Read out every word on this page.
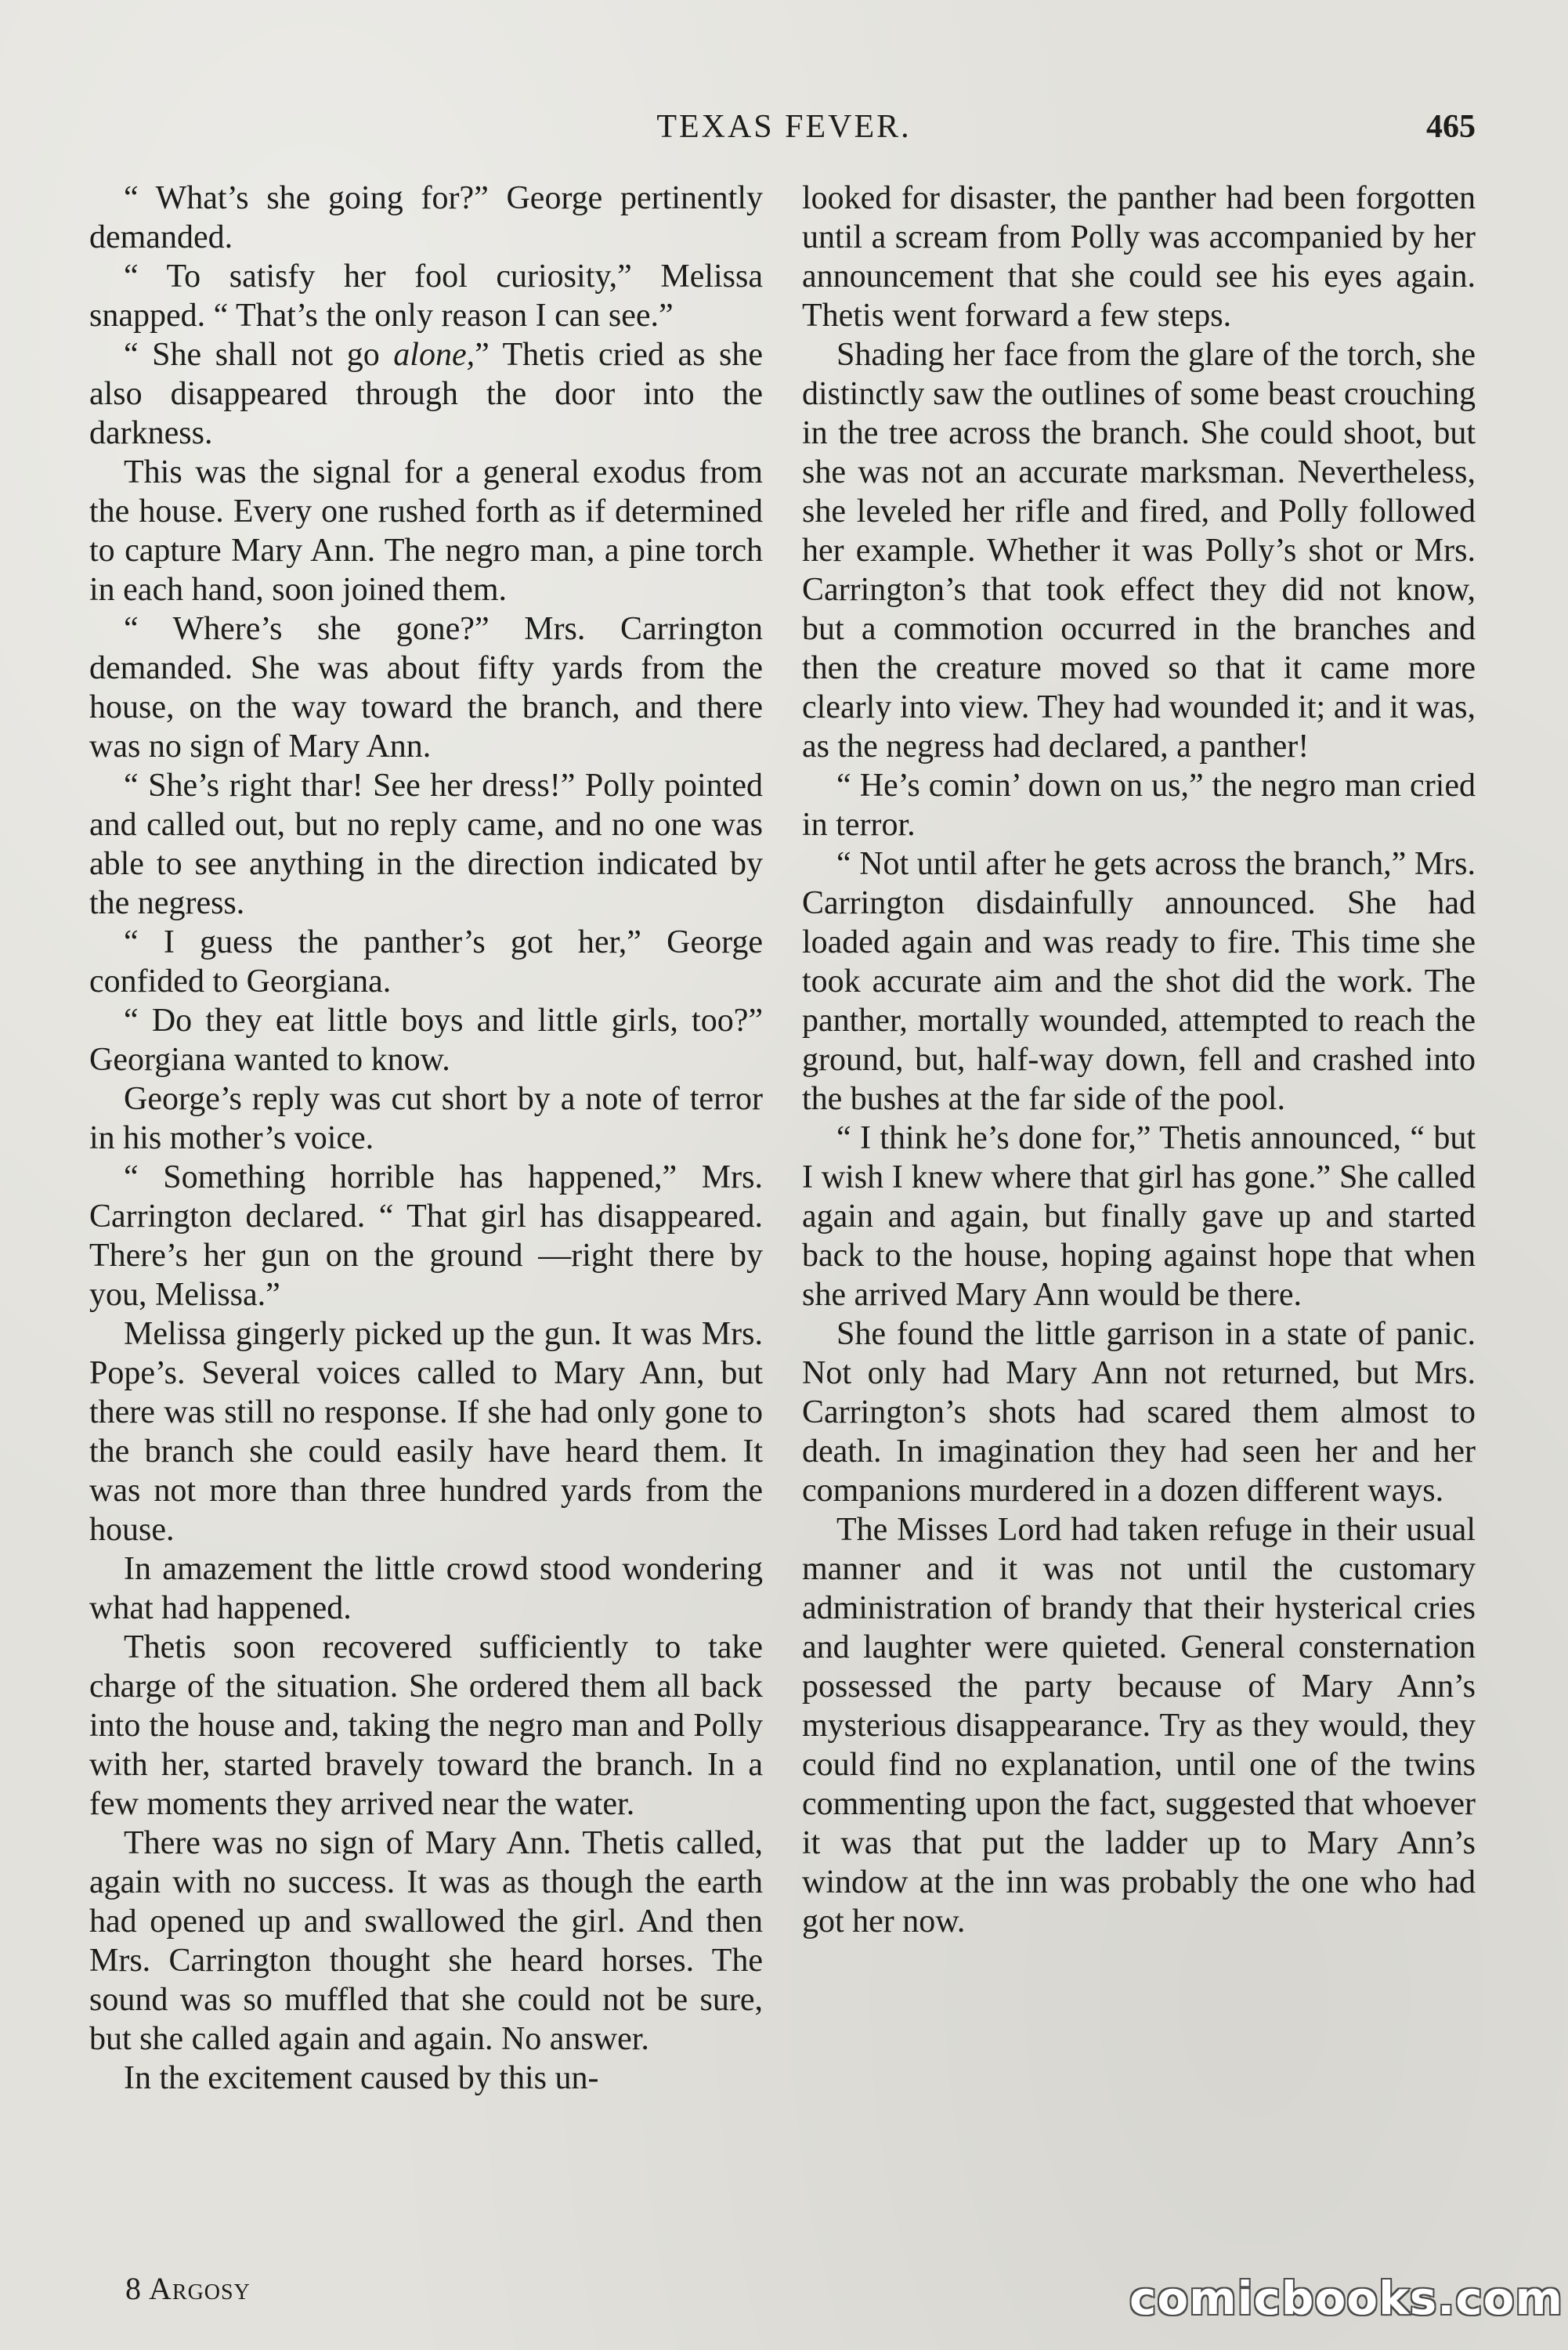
TEXAS FEVER.	465

“ What’s she going for?” George pertinently demanded.

“ To satisfy her fool curiosity,” Melissa snapped. “ That’s the only reason I can see.”

“ She shall not go alone,” Thetis cried as she also disappeared through the door into the darkness.

This was the signal for a general exodus from the house. Every one rushed forth as if determined to capture Mary Ann. The negro man, a pine torch in each hand, soon joined them.

“ Where’s she gone?” Mrs. Carrington demanded. She was about fifty yards from the house, on the way toward the branch, and there was no sign of Mary Ann.

“ She’s right thar! See her dress!” Polly pointed and called out, but no reply came, and no one was able to see anything in the direction indicated by the negress.

“ I guess the panther’s got her,” George confided to Georgiana.

“ Do they eat little boys and little girls, too?” Georgiana wanted to know.

George’s reply was cut short by a note of terror in his mother’s voice.

“ Something horrible has happened,” Mrs. Carrington declared. “ That girl has disappeared. There’s her gun on the ground —right there by you, Melissa.”

Melissa gingerly picked up the gun. It was Mrs. Pope’s. Several voices called to Mary Ann, but there was still no response. If she had only gone to the branch she could easily have heard them. It was not more than three hundred yards from the house.

In amazement the little crowd stood wondering what had happened.

Thetis soon recovered sufficiently to take charge of the situation. She ordered them all back into the house and, taking the negro man and Polly with her, started bravely toward the branch. In a few moments they arrived near the water.

There was no sign of Mary Ann. Thetis called, again with no success. It was as though the earth had opened up and swallowed the girl. And then Mrs. Carrington thought she heard horses. The sound was so muffled that she could not be sure, but she called again and again. No answer.

In the excitement caused by this un-

looked for disaster, the panther had been forgotten until a scream from Polly was accompanied by her announcement that she could see his eyes again. Thetis went forward a few steps.

Shading her face from the glare of the torch, she distinctly saw the outlines of some beast crouching in the tree across the branch. She could shoot, but she was not an accurate marksman. Nevertheless, she leveled her rifle and fired, and Polly followed her example. Whether it was Polly’s shot or Mrs. Carrington’s that took effect they did not know, but a commotion occurred in the branches and then the creature moved so that it came more clearly into view. They had wounded it; and it was, as the negress had declared, a panther!

“ He’s comin’ down on us,” the negro man cried in terror.

“ Not until after he gets across the branch,” Mrs. Carrington disdainfully announced. She had loaded again and was ready to fire. This time she took accurate aim and the shot did the work. The panther, mortally wounded, attempted to reach the ground, but, half-way down, fell and crashed into the bushes at the far side of the pool.

“ I think he’s done for,” Thetis announced, “ but I wish I knew where that girl has gone.” She called again and again, but finally gave up and started back to the house, hoping against hope that when she arrived Mary Ann would be there.

She found the little garrison in a state of panic. Not only had Mary Ann not returned, but Mrs. Carrington’s shots had scared them almost to death. In imagination they had seen her and her companions murdered in a dozen different ways.

The Misses Lord had taken refuge in their usual manner and it was not until the customary administration of brandy that their hysterical cries and laughter were quieted. General consternation possessed the party because of Mary Ann’s mysterious disappearance. Try as they would, they could find no explanation, until one of the twins commenting upon the fact, suggested that whoever it was that put the ladder up to Mary Ann’s window at the inn was probably the one who had got her now.

8 Argosy	comicbooks.com
